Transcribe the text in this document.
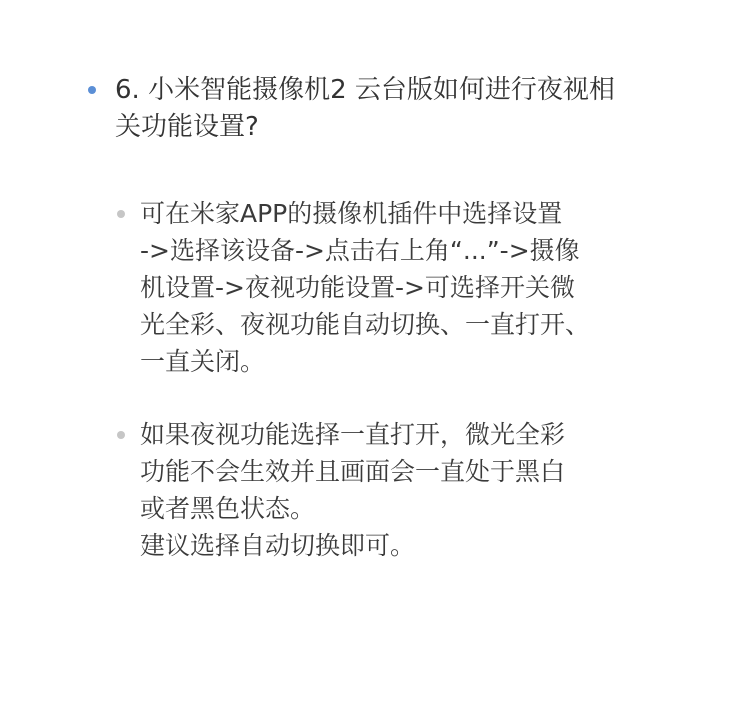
6. 小米智能摄像机2 云台版如何进行夜视相
关功能设置?
可在米家APP的摄像机插件中选择设置
->选择该设备->点击右上角“...”->摄像
机设置->夜视功能设置->可选择开关微
光全彩、夜视功能自动切换、一直打开、
一直关闭。
如果夜视功能选择一直打开，微光全彩
功能不会生效并且画面会一直处于黑白
或者黑色状态。
建议选择自动切换即可。
